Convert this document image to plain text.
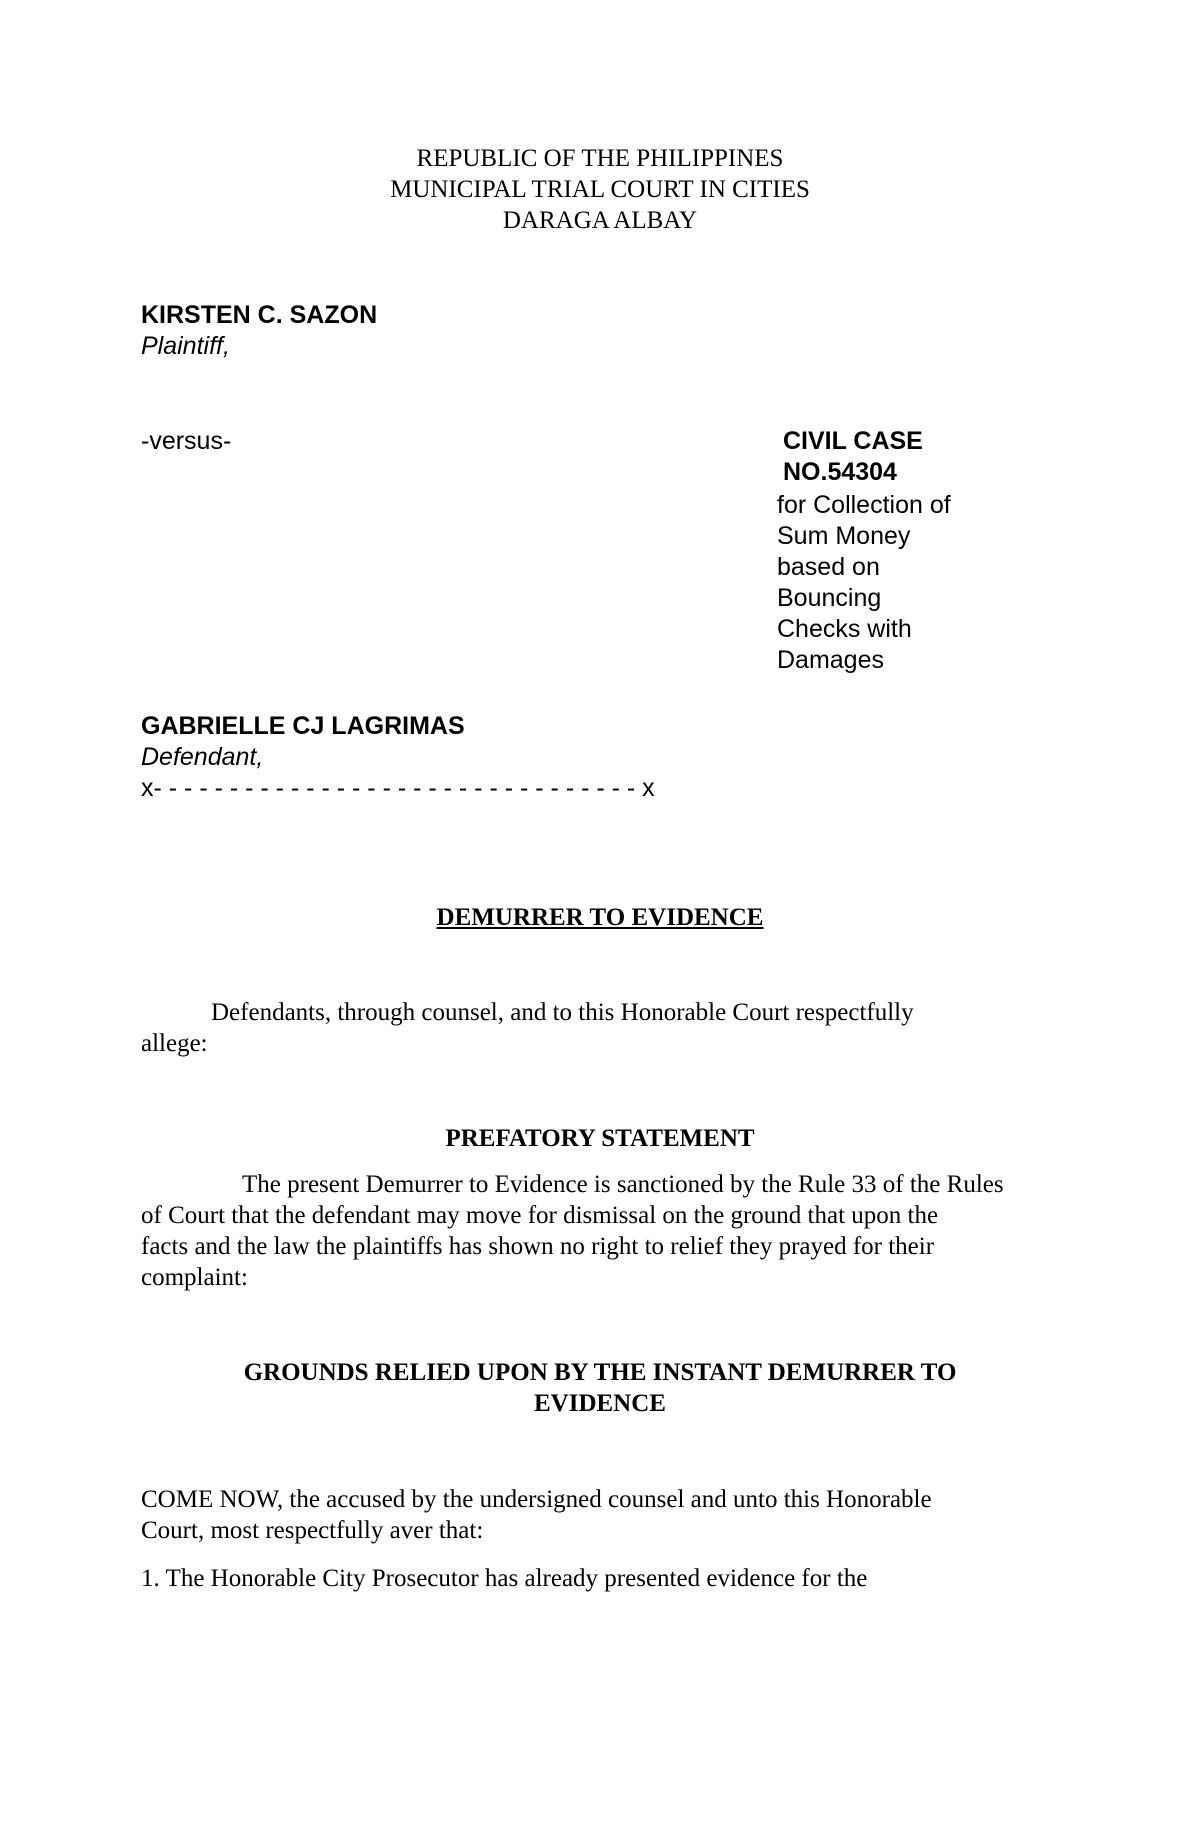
REPUBLIC OF THE PHILIPPINES
MUNICIPAL TRIAL COURT IN CITIES
DARAGA ALBAY
KIRSTEN C. SAZON
Plaintiff,
-versus-	CIVIL CASE
NO.54304
for Collection of
Sum Money
based on
Bouncing
Checks with
Damages
GABRIELLE CJ LAGRIMAS
Defendant,
x- - - - - - - - - - - - - - - - - - - - - - - - - - - - - - - - x
DEMURRER TO EVIDENCE
Defendants, through counsel, and to this Honorable Court respectfully
allege:
PREFATORY STATEMENT
The present Demurrer to Evidence is sanctioned by the Rule 33 of the Rules
of Court that the defendant may move for dismissal on the ground that upon the
facts and the law the plaintiffs has shown no right to relief they prayed for their
complaint:
GROUNDS RELIED UPON BY THE INSTANT DEMURRER TO
EVIDENCE
COME NOW, the accused by the undersigned counsel and unto this Honorable
Court, most respectfully aver that:
1. The Honorable City Prosecutor has already presented evidence for the
